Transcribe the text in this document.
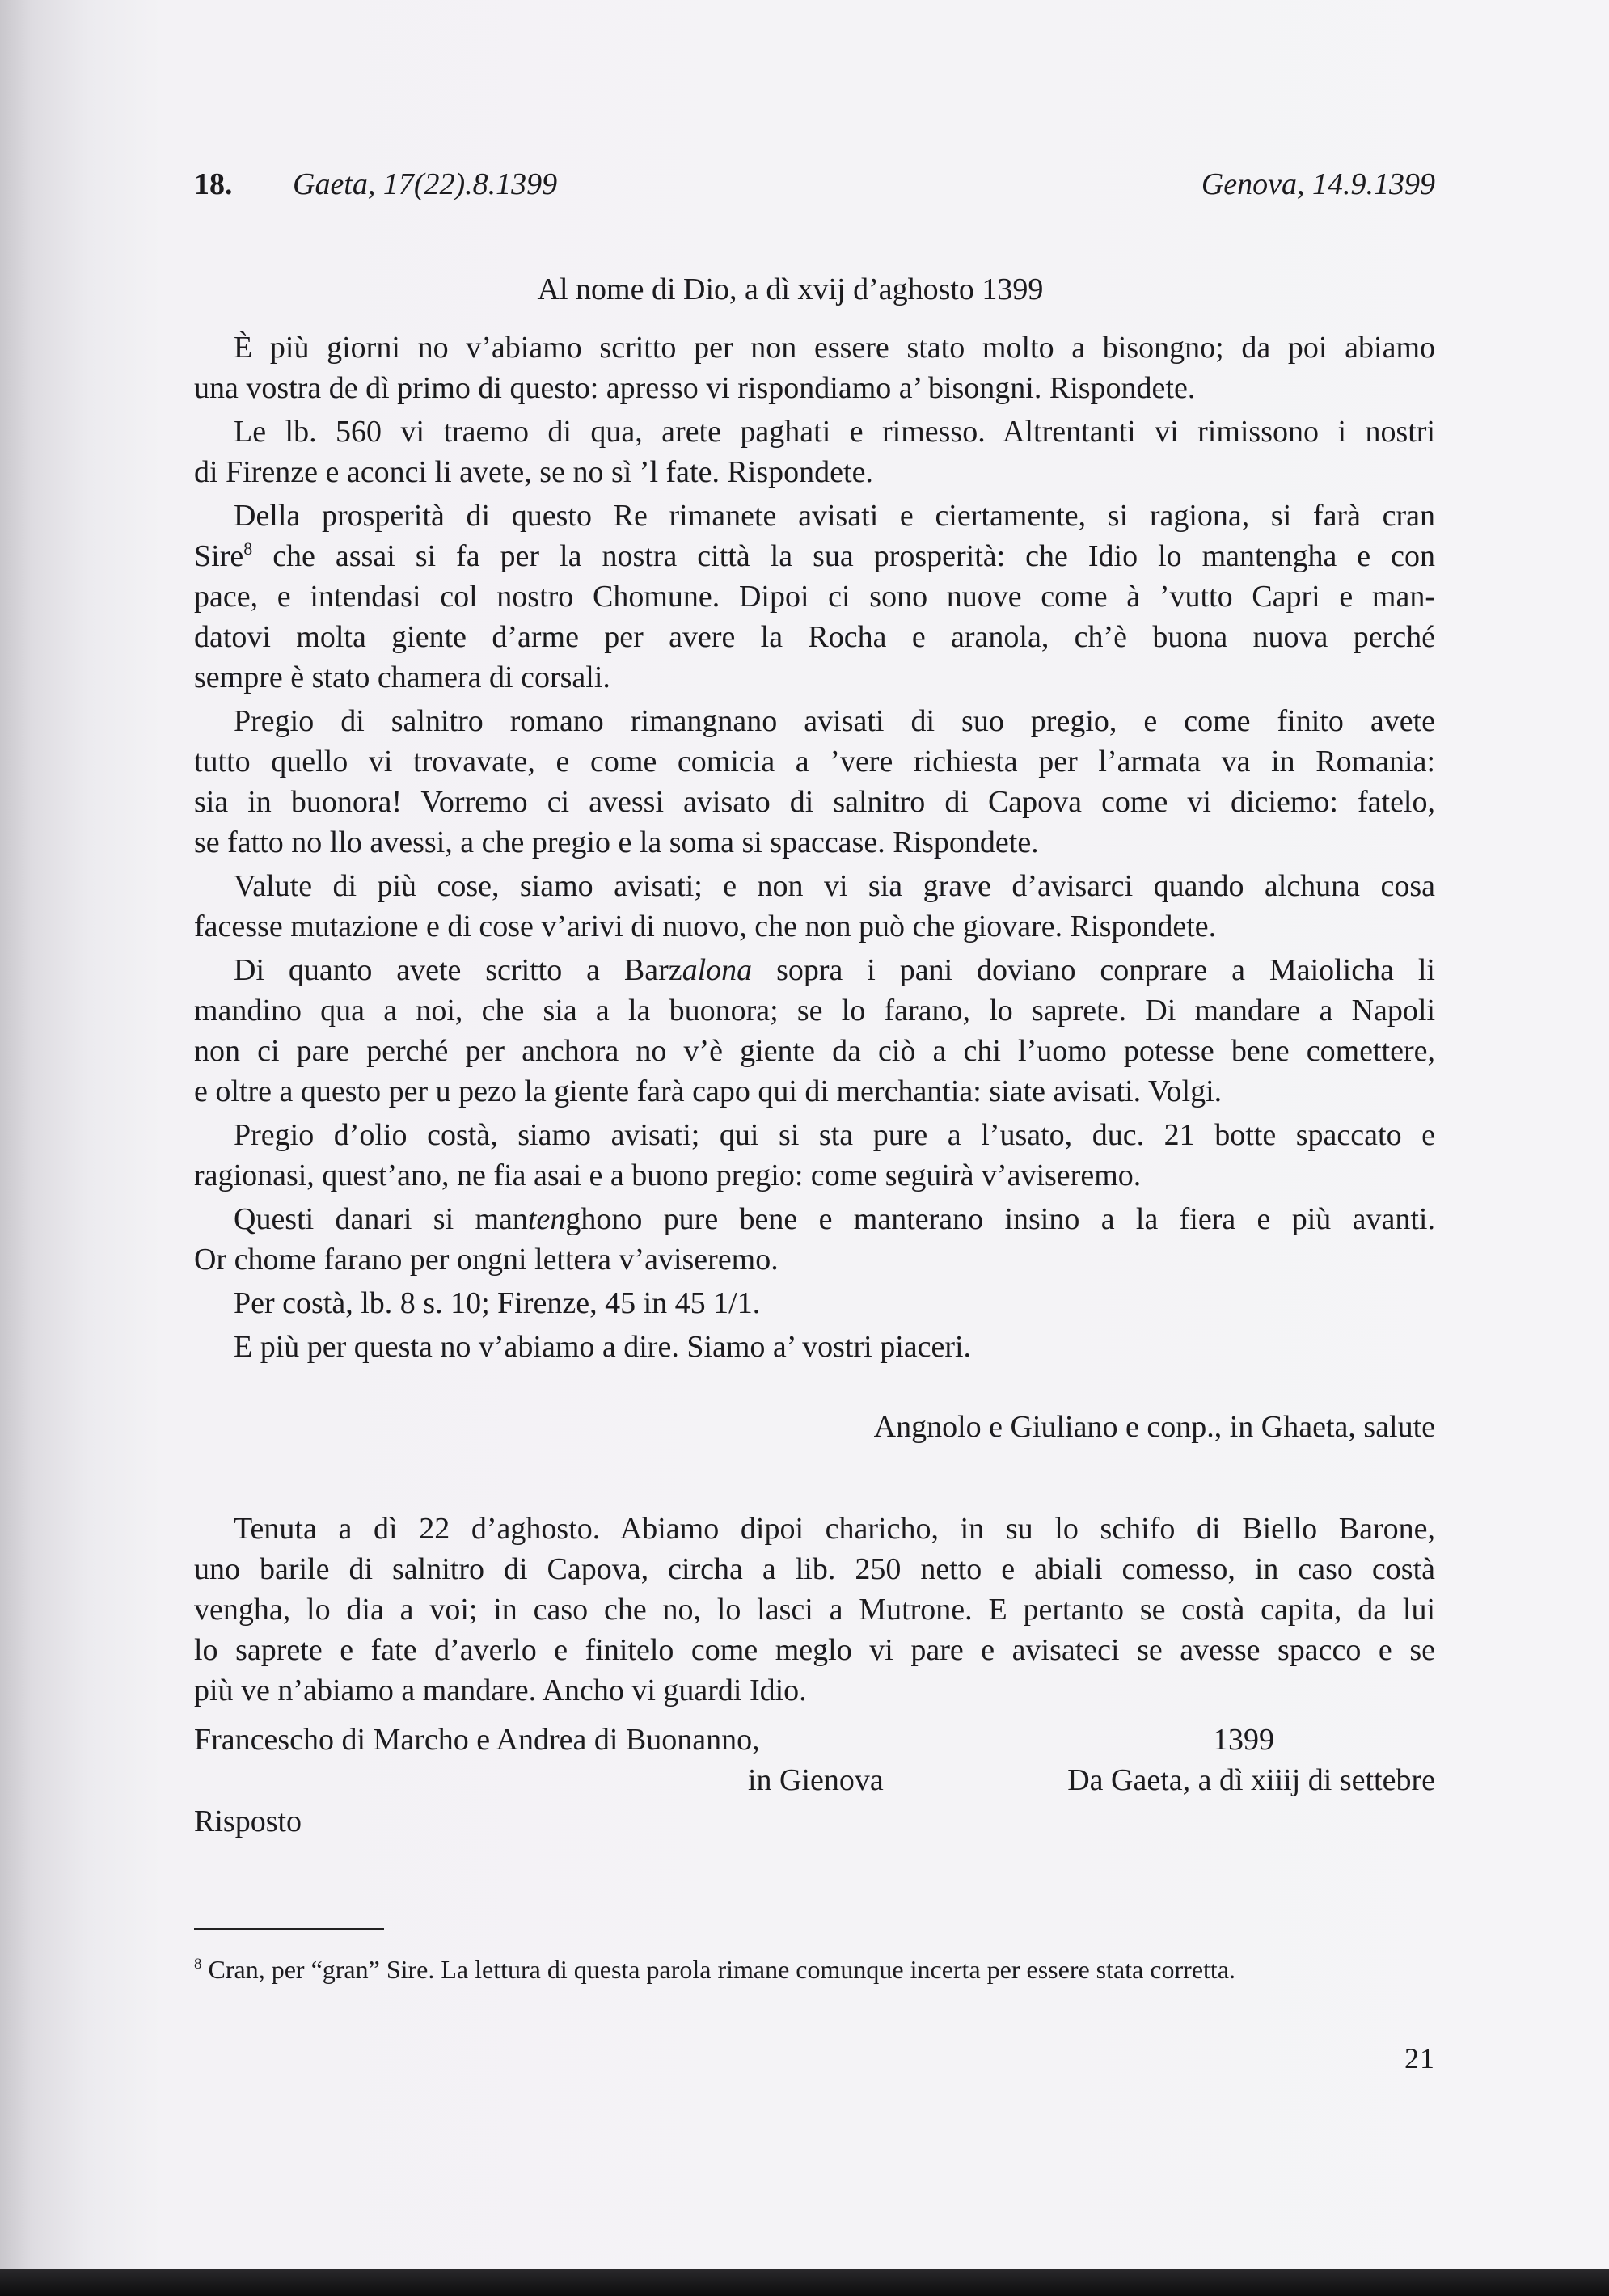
18. Gaeta, 17(22).8.1399	Genova, 14.9.1399
Al nome di Dio, a dì xvij d’aghosto 1399
È più giorni no v’abiamo scritto per non essere stato molto a bisongno; da poi abiamo
una vostra de dì primo di questo: apresso vi rispondiamo a’ bisongni. Rispondete.
Le lb. 560 vi traemo di qua, arete paghati e rimesso. Altrentanti vi rimissono i nostri
di Firenze e aconci li avete, se no sì ’l fate. Rispondete.
Della prosperità di questo Re rimanete avisati e ciertamente, si ragiona, si farà cran
Sire$^8$ che assai si fa per la nostra città la sua prosperità: che Idio lo mantengha e con
pace, e intendasi col nostro Chomune. Dipoi ci sono nuove come à ’vutto Capri e man-
datovi molta giente d’arme per avere la Rocha e aranola, ch’è buona nuova perché
sempre è stato chamera di corsali.
Pregio di salnitro romano rimangnano avisati di suo pregio, e come finito avete
tutto quello vi trovavate, e come comicia a ’vere richiesta per l’armata va in Romania:
sia in buonora! Vorremo ci avessi avisato di salnitro di Capova come vi diciemo: fatelo,
se fatto no llo avessi, a che pregio e la soma si spaccase. Rispondete.
Valute di più cose, siamo avisati; e non vi sia grave d’avisarci quando alchuna cosa
facesse mutazione e di cose v’arivi di nuovo, che non può che giovare. Rispondete.
Di quanto avete scritto a Barzalona sopra i pani doviano conprare a Maiolicha li
mandino qua a noi, che sia a la buonora; se lo farano, lo saprete. Di mandare a Napoli
non ci pare perché per anchora no v’è giente da ciò a chi l’uomo potesse bene comettere,
e oltre a questo per u pezo la giente farà capo qui di merchantia: siate avisati. Volgi.
Pregio d’olio costà, siamo avisati; qui si sta pure a l’usato, duc. 21 botte spaccato e
ragionasi, quest’ano, ne fia asai e a buono pregio: come seguirà v’aviseremo.
Questi danari si mantenghono pure bene e manterano insino a la fiera e più avanti.
Or chome farano per ongni lettera v’aviseremo.
Per costà, lb. 8 s. 10; Firenze, 45 in 45 1/1.
E più per questa no v’abiamo a dire. Siamo a’ vostri piaceri.
Angnolo e Giuliano e conp., in Ghaeta, salute
Tenuta a dì 22 d’aghosto. Abiamo dipoi charicho, in su lo schifo di Biello Barone,
uno barile di salnitro di Capova, circha a lib. 250 netto e abiali comesso, in caso costà
vengha, lo dia a voi; in caso che no, lo lasci a Mutrone. E pertanto se costà capita, da lui
lo saprete e fate d’averlo e finitelo come meglo vi pare e avisateci se avesse spacco e se
più ve n’abiamo a mandare. Ancho vi guardi Idio.
Francescho di Marcho e Andrea di Buonanno,	1399
in Gienova	Da Gaeta, a dì xiiij di settebre
Risposto
$^8$ Cran, per “gran” Sire. La lettura di questa parola rimane comunque incerta per essere stata corretta.
21
